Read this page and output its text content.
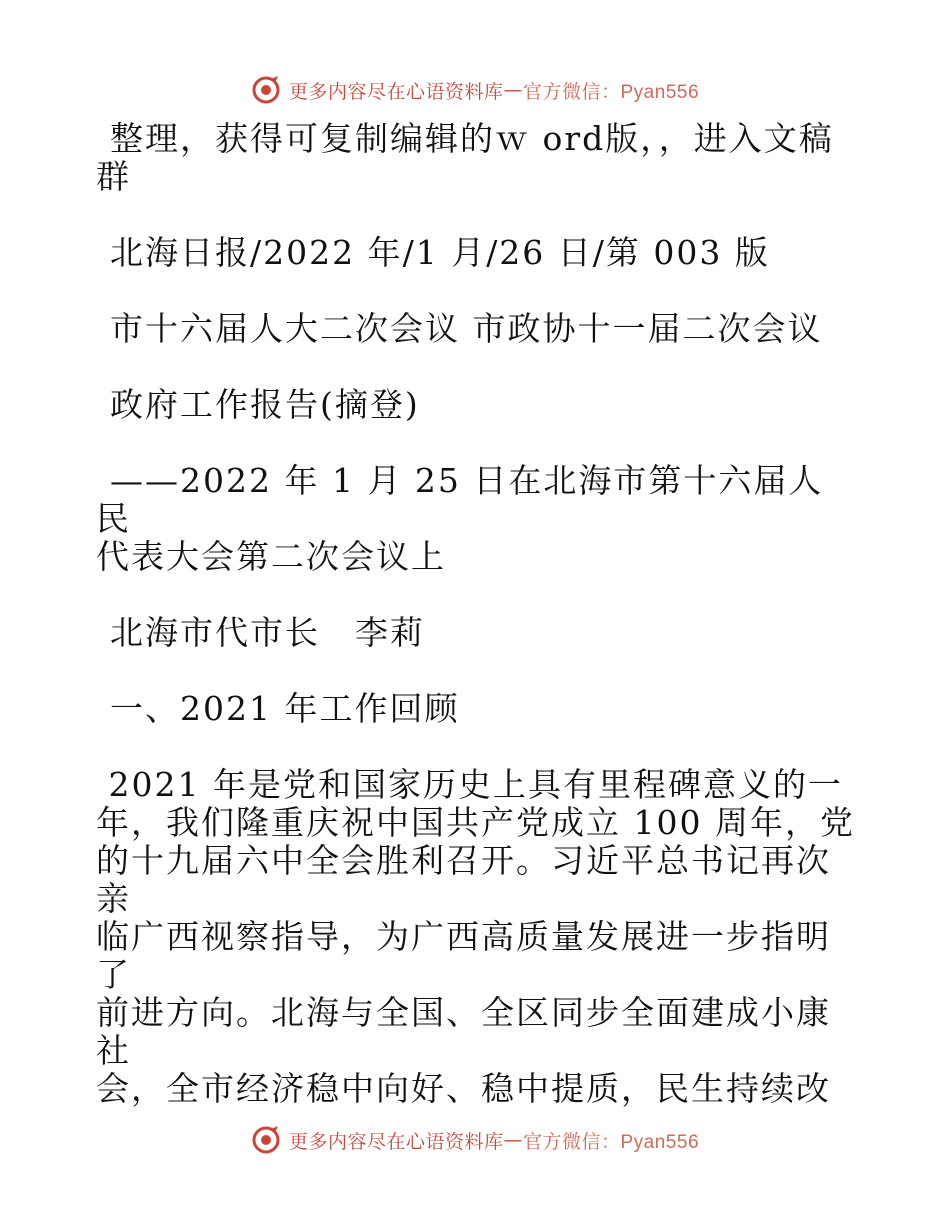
更多内容尽在心语资料库 — 官方微信：Pyan556

整理，获得可复制编辑的ｗ ord版，，进入文稿
群

北海日报/2022 年/1 月/26 日/第 003 版

市十六届人大二次会议 市政协十一届二次会议

政府工作报告(摘登)

——2022 年 1 月 25 日在北海市第十六届人民
代表大会第二次会议上

北海市代市长　李莉

一、2021 年工作回顾

2021 年是党和国家历史上具有里程碑意义的一
年，我们隆重庆祝中国共产党成立 100 周年，党
的十九届六中全会胜利召开。习近平总书记再次亲
临广西视察指导，为广西高质量发展进一步指明了
前进方向。北海与全国、全区同步全面建成小康社
会，全市经济稳中向好、稳中提质，民生持续改

更多内容尽在心语资料库 — 官方微信：Pyan556
